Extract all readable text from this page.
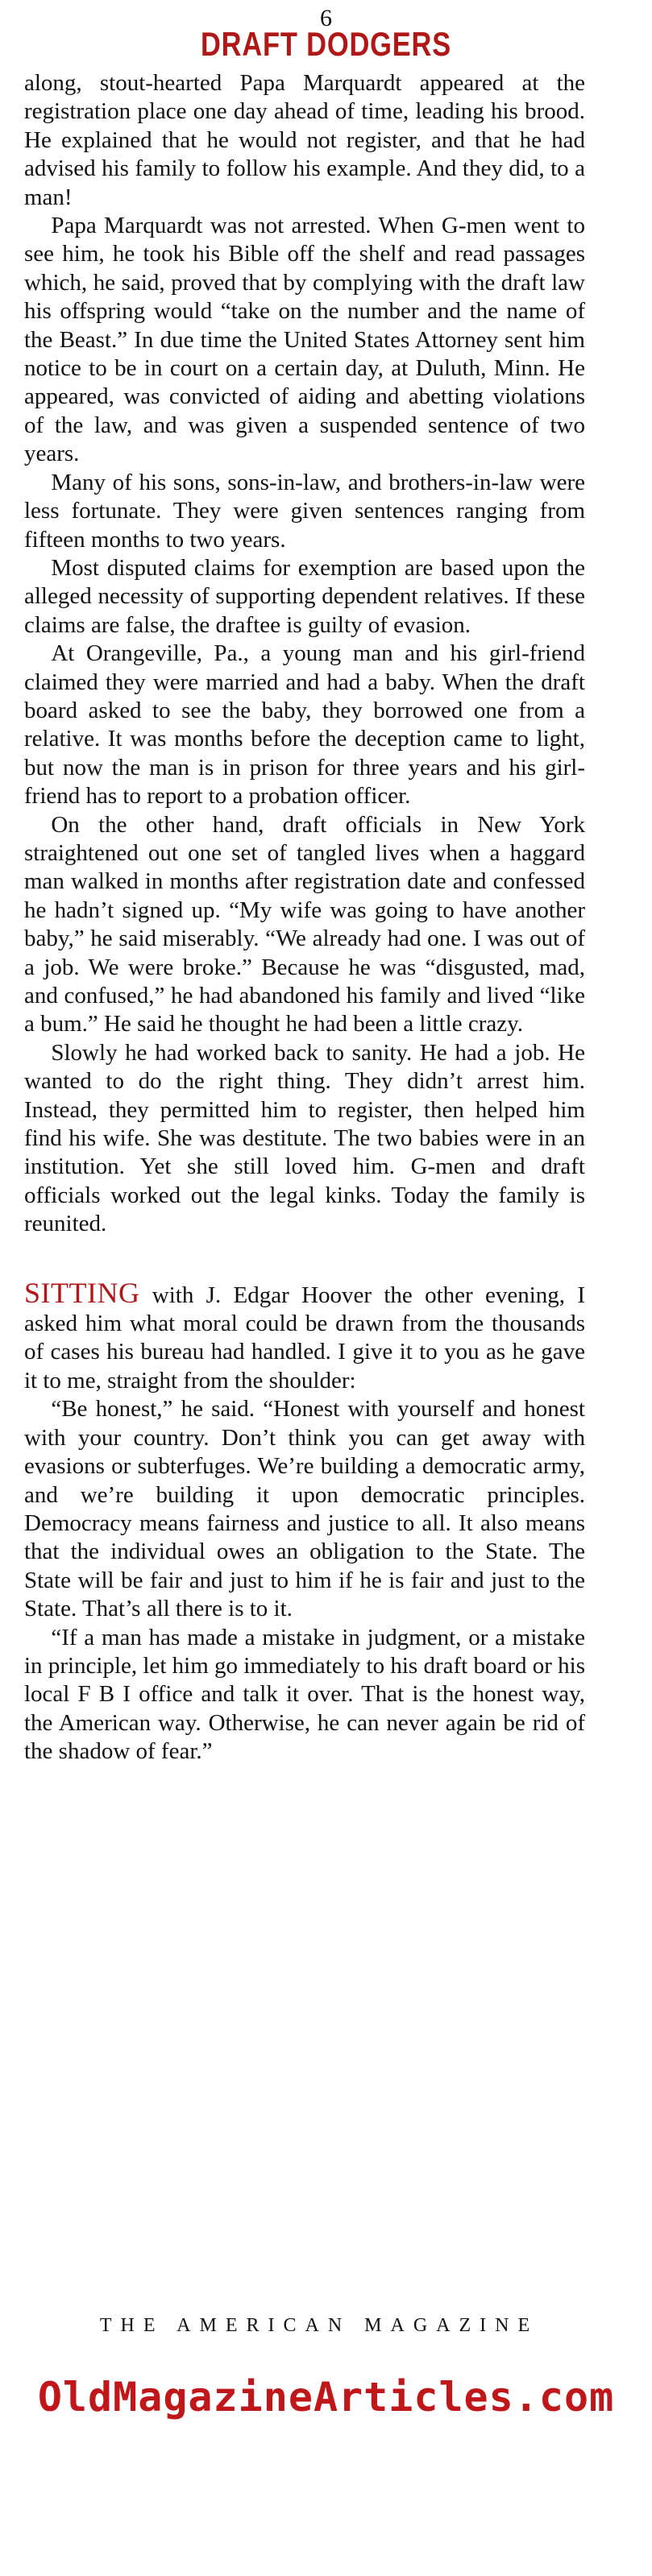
6
DRAFT DODGERS

along, stout-hearted Papa Marquardt appeared at the registration place one day ahead of time, leading his brood. He explained that he would not register, and that he had advised his family to follow his example. And they did, to a man!

Papa Marquardt was not arrested. When G-men went to see him, he took his Bible off the shelf and read passages which, he said, proved that by complying with the draft law his offspring would “take on the number and the name of the Beast.” In due time the United States Attorney sent him notice to be in court on a certain day, at Duluth, Minn. He appeared, was convicted of aiding and abetting violations of the law, and was given a suspended sentence of two years.

Many of his sons, sons-in-law, and brothers-in-law were less fortunate. They were given sentences ranging from fifteen months to two years.

Most disputed claims for exemption are based upon the alleged necessity of supporting dependent relatives. If these claims are false, the draftee is guilty of evasion.

At Orangeville, Pa., a young man and his girl-friend claimed they were married and had a baby. When the draft board asked to see the baby, they borrowed one from a relative. It was months before the deception came to light, but now the man is in prison for three years and his girl-friend has to report to a probation officer.

On the other hand, draft officials in New York straightened out one set of tangled lives when a haggard man walked in months after registration date and confessed he hadn’t signed up. “My wife was going to have another baby,” he said miserably. “We already had one. I was out of a job. We were broke.” Because he was “disgusted, mad, and confused,” he had abandoned his family and lived “like a bum.” He said he thought he had been a little crazy.

Slowly he had worked back to sanity. He had a job. He wanted to do the right thing. They didn’t arrest him. Instead, they permitted him to register, then helped him find his wife. She was destitute. The two babies were in an institution. Yet she still loved him. G-men and draft officials worked out the legal kinks. Today the family is reunited.

SITTING with J. Edgar Hoover the other evening, I asked him what moral could be drawn from the thousands of cases his bureau had handled. I give it to you as he gave it to me, straight from the shoulder:

“Be honest,” he said. “Honest with yourself and honest with your country. Don’t think you can get away with evasions or subterfuges. We’re building a democratic army, and we’re building it upon democratic principles. Democracy means fairness and justice to all. It also means that the individual owes an obligation to the State. The State will be fair and just to him if he is fair and just to the State. That’s all there is to it.

“If a man has made a mistake in judgment, or a mistake in principle, let him go immediately to his draft board or his local F B I office and talk it over. That is the honest way, the American way. Otherwise, he can never again be rid of the shadow of fear.”

THE AMERICAN MAGAZINE
OldMagazineArticles.com
